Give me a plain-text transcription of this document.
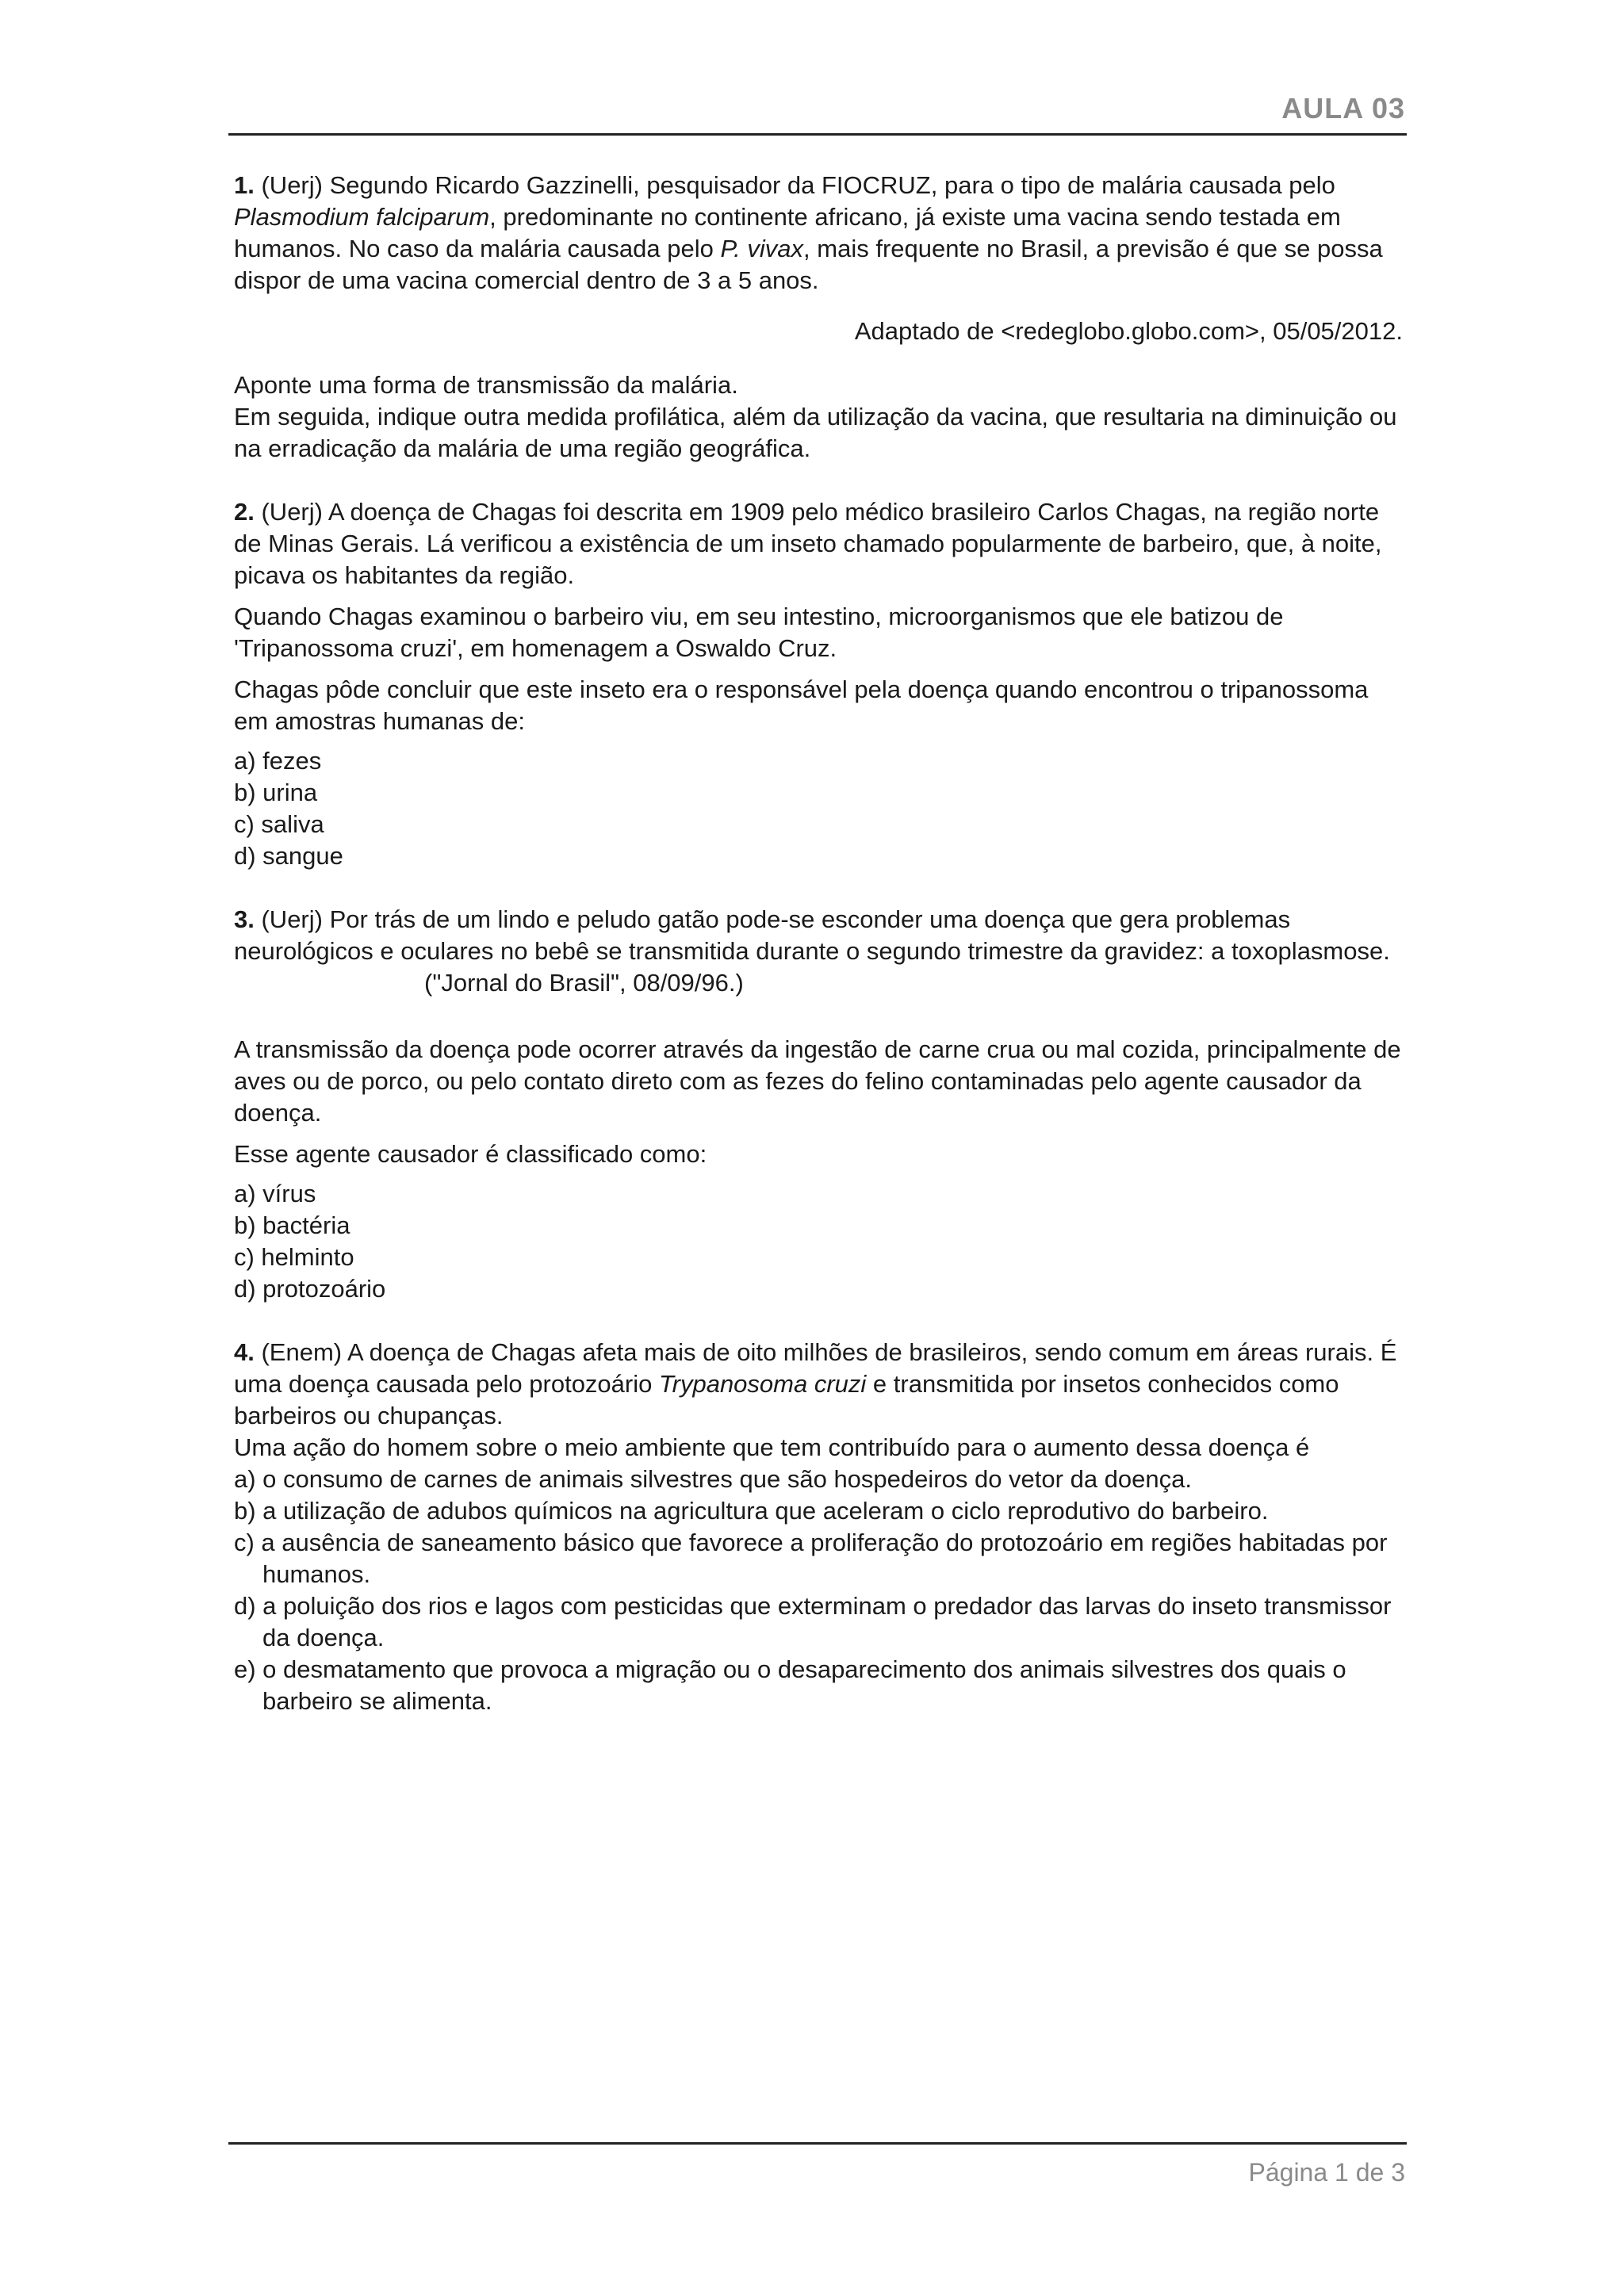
AULA 03

1. (Uerj) Segundo Ricardo Gazzinelli, pesquisador da FIOCRUZ, para o tipo de malária causada pelo Plasmodium falciparum, predominante no continente africano, já existe uma vacina sendo testada em humanos. No caso da malária causada pelo P. vivax, mais frequente no Brasil, a previsão é que se possa dispor de uma vacina comercial dentro de 3 a 5 anos.

Adaptado de <redeglobo.globo.com>, 05/05/2012.

Aponte uma forma de transmissão da malária.

Em seguida, indique outra medida profilática, além da utilização da vacina, que resultaria na diminuição ou na erradicação da malária de uma região geográfica.

2. (Uerj) A doença de Chagas foi descrita em 1909 pelo médico brasileiro Carlos Chagas, na região norte de Minas Gerais. Lá verificou a existência de um inseto chamado popularmente de barbeiro, que, à noite, picava os habitantes da região.

Quando Chagas examinou o barbeiro viu, em seu intestino, microorganismos que ele batizou de 'Tripanossoma cruzi', em homenagem a Oswaldo Cruz.

Chagas pôde concluir que este inseto era o responsável pela doença quando encontrou o tripanossoma em amostras humanas de:

a) fezes
b) urina
c) saliva
d) sangue

3. (Uerj) Por trás de um lindo e peludo gatão pode-se esconder uma doença que gera problemas neurológicos e oculares no bebê se transmitida durante o segundo trimestre da gravidez: a toxoplasmose.

("Jornal do Brasil", 08/09/96.)

A transmissão da doença pode ocorrer através da ingestão de carne crua ou mal cozida, principalmente de aves ou de porco, ou pelo contato direto com as fezes do felino contaminadas pelo agente causador da doença.

Esse agente causador é classificado como:

a) vírus
b) bactéria
c) helminto
d) protozoário

4. (Enem) A doença de Chagas afeta mais de oito milhões de brasileiros, sendo comum em áreas rurais. É uma doença causada pelo protozoário Trypanosoma cruzi e transmitida por insetos conhecidos como barbeiros ou chupanças.

Uma ação do homem sobre o meio ambiente que tem contribuído para o aumento dessa doença é

a) o consumo de carnes de animais silvestres que são hospedeiros do vetor da doença.
b) a utilização de adubos químicos na agricultura que aceleram o ciclo reprodutivo do barbeiro.
c) a ausência de saneamento básico que favorece a proliferação do protozoário em regiões habitadas por humanos.
d) a poluição dos rios e lagos com pesticidas que exterminam o predador das larvas do inseto transmissor da doença.
e) o desmatamento que provoca a migração ou o desaparecimento dos animais silvestres dos quais o barbeiro se alimenta.
Página 1 de 3
